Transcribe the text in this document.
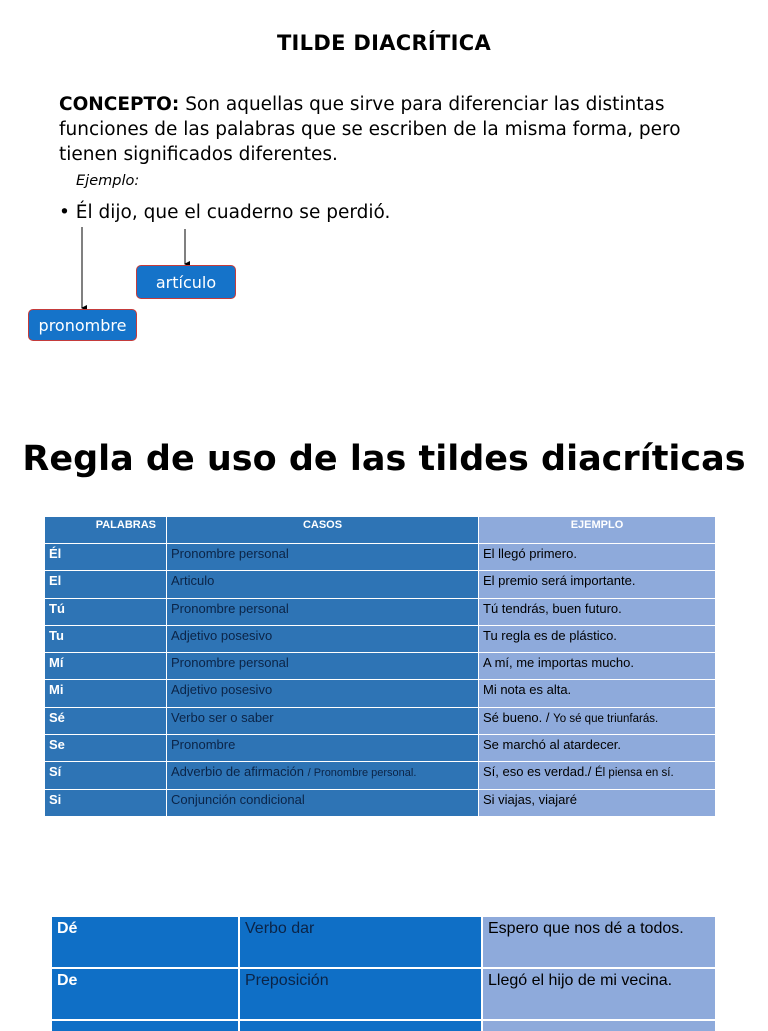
TILDE DIACRÍTICA
CONCEPTO: Son aquellas que sirve para diferenciar las distintas funciones de las palabras que se escriben de la misma forma, pero tienen significados diferentes.
Ejemplo:
• Él dijo, que el cuaderno se perdió.
artículo
pronombre
Regla de uso de las tildes diacríticas
PALABRAS	CASOS	EJEMPLO
Él	Pronombre personal	El llegó primero.
El	Articulo	El premio será importante.
Tú	Pronombre personal	Tú tendrás, buen futuro.
Tu	Adjetivo posesivo	Tu regla es de plástico.
Mí	Pronombre personal	A mí, me importas mucho.
Mi	Adjetivo posesivo	Mi nota es alta.
Sé	Verbo ser o saber	Sé bueno. / Yo sé que triunfarás.
Se	Pronombre	Se marchó al atardecer.
Sí	Adverbio de afirmación / Pronombre personal.	Sí, eso es verdad./ Él piensa en sí.
Si	Conjunción condicional	Si viajas, viajaré
Dé	Verbo dar	Espero que nos dé a todos.
De	Preposición	Llegó el hijo de mi vecina.
